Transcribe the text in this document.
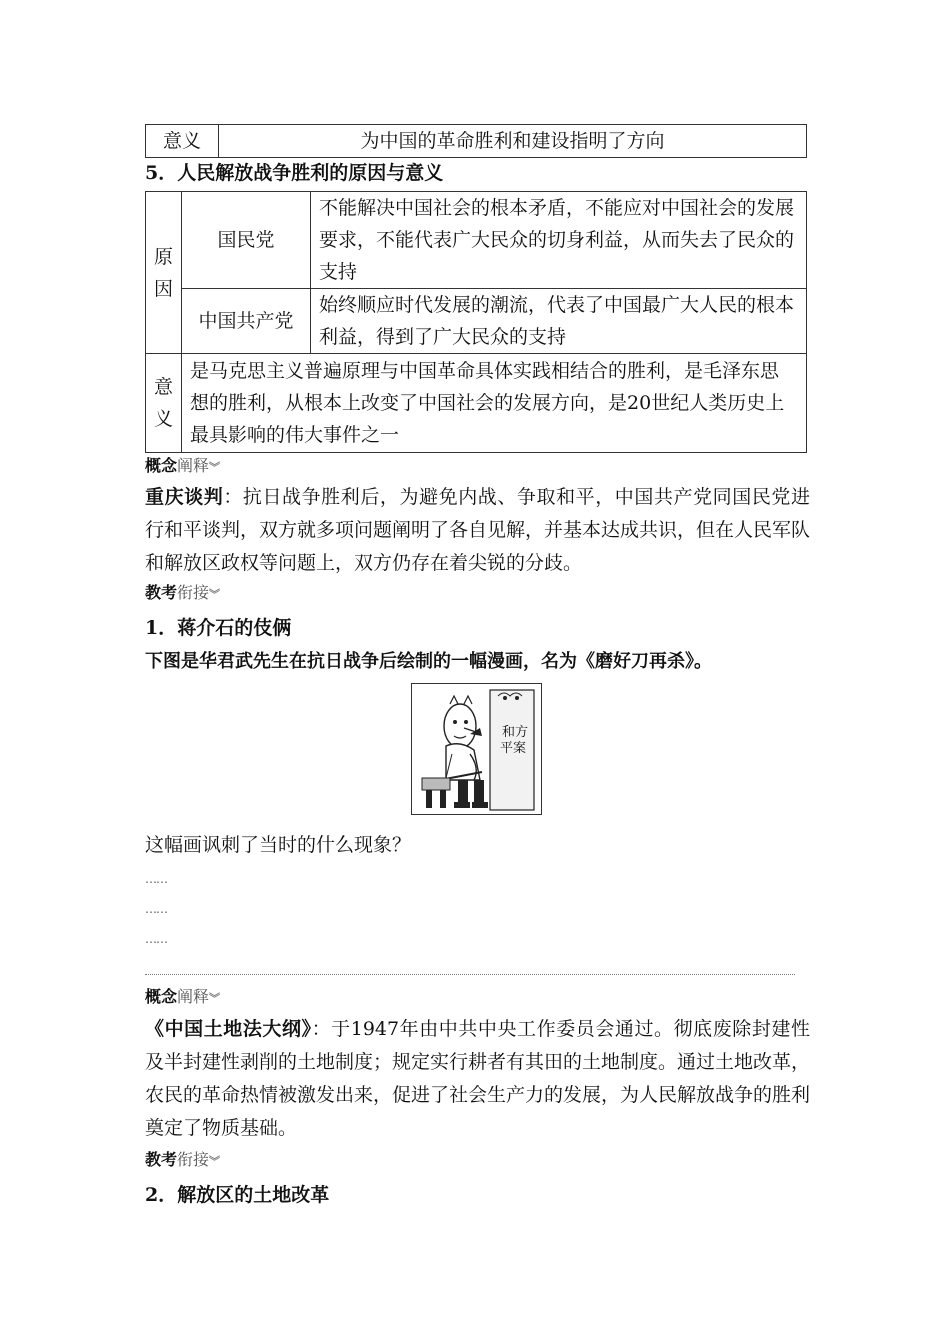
意义	为中国的革命胜利和建设指明了方向
5．人民解放战争胜利的原因与意义
原
因	国民党	不能解决中国社会的根本矛盾，不能应对中国社会的发展要求，不能代表广大民众的切身利益，从而失去了民众的支持
	中国共产党	始终顺应时代发展的潮流，代表了中国最广大人民的根本利益，得到了广大民众的支持

意
义	是马克思主义普遍原理与中国革命具体实践相结合的胜利，是毛泽东思想的胜利，从根本上改变了中国社会的发展方向，是20世纪人类历史上最具影响的伟大事件之一	
概念阐释︾
重庆谈判：抗日战争胜利后，为避免内战、争取和平，中国共产党同国民党进行和平谈判，双方就多项问题阐明了各自见解，并基本达成共识，但在人民军队和解放区政权等问题上，双方仍存在着尖锐的分歧。
教考衔接︾
1．蒋介石的伎俩
下图是华君武先生在抗日战争后绘制的一幅漫画，名为《磨好刀再杀》。
和方
平案
这幅画讽刺了当时的什么现象？
……
……
……
概念阐释︾
《中国土地法大纲》：于1947年由中共中央工作委员会通过。彻底废除封建性及半封建性剥削的土地制度；规定实行耕者有其田的土地制度。通过土地改革，农民的革命热情被激发出来，促进了社会生产力的发展，为人民解放战争的胜利奠定了物质基础。
教考衔接︾
2．解放区的土地改革
